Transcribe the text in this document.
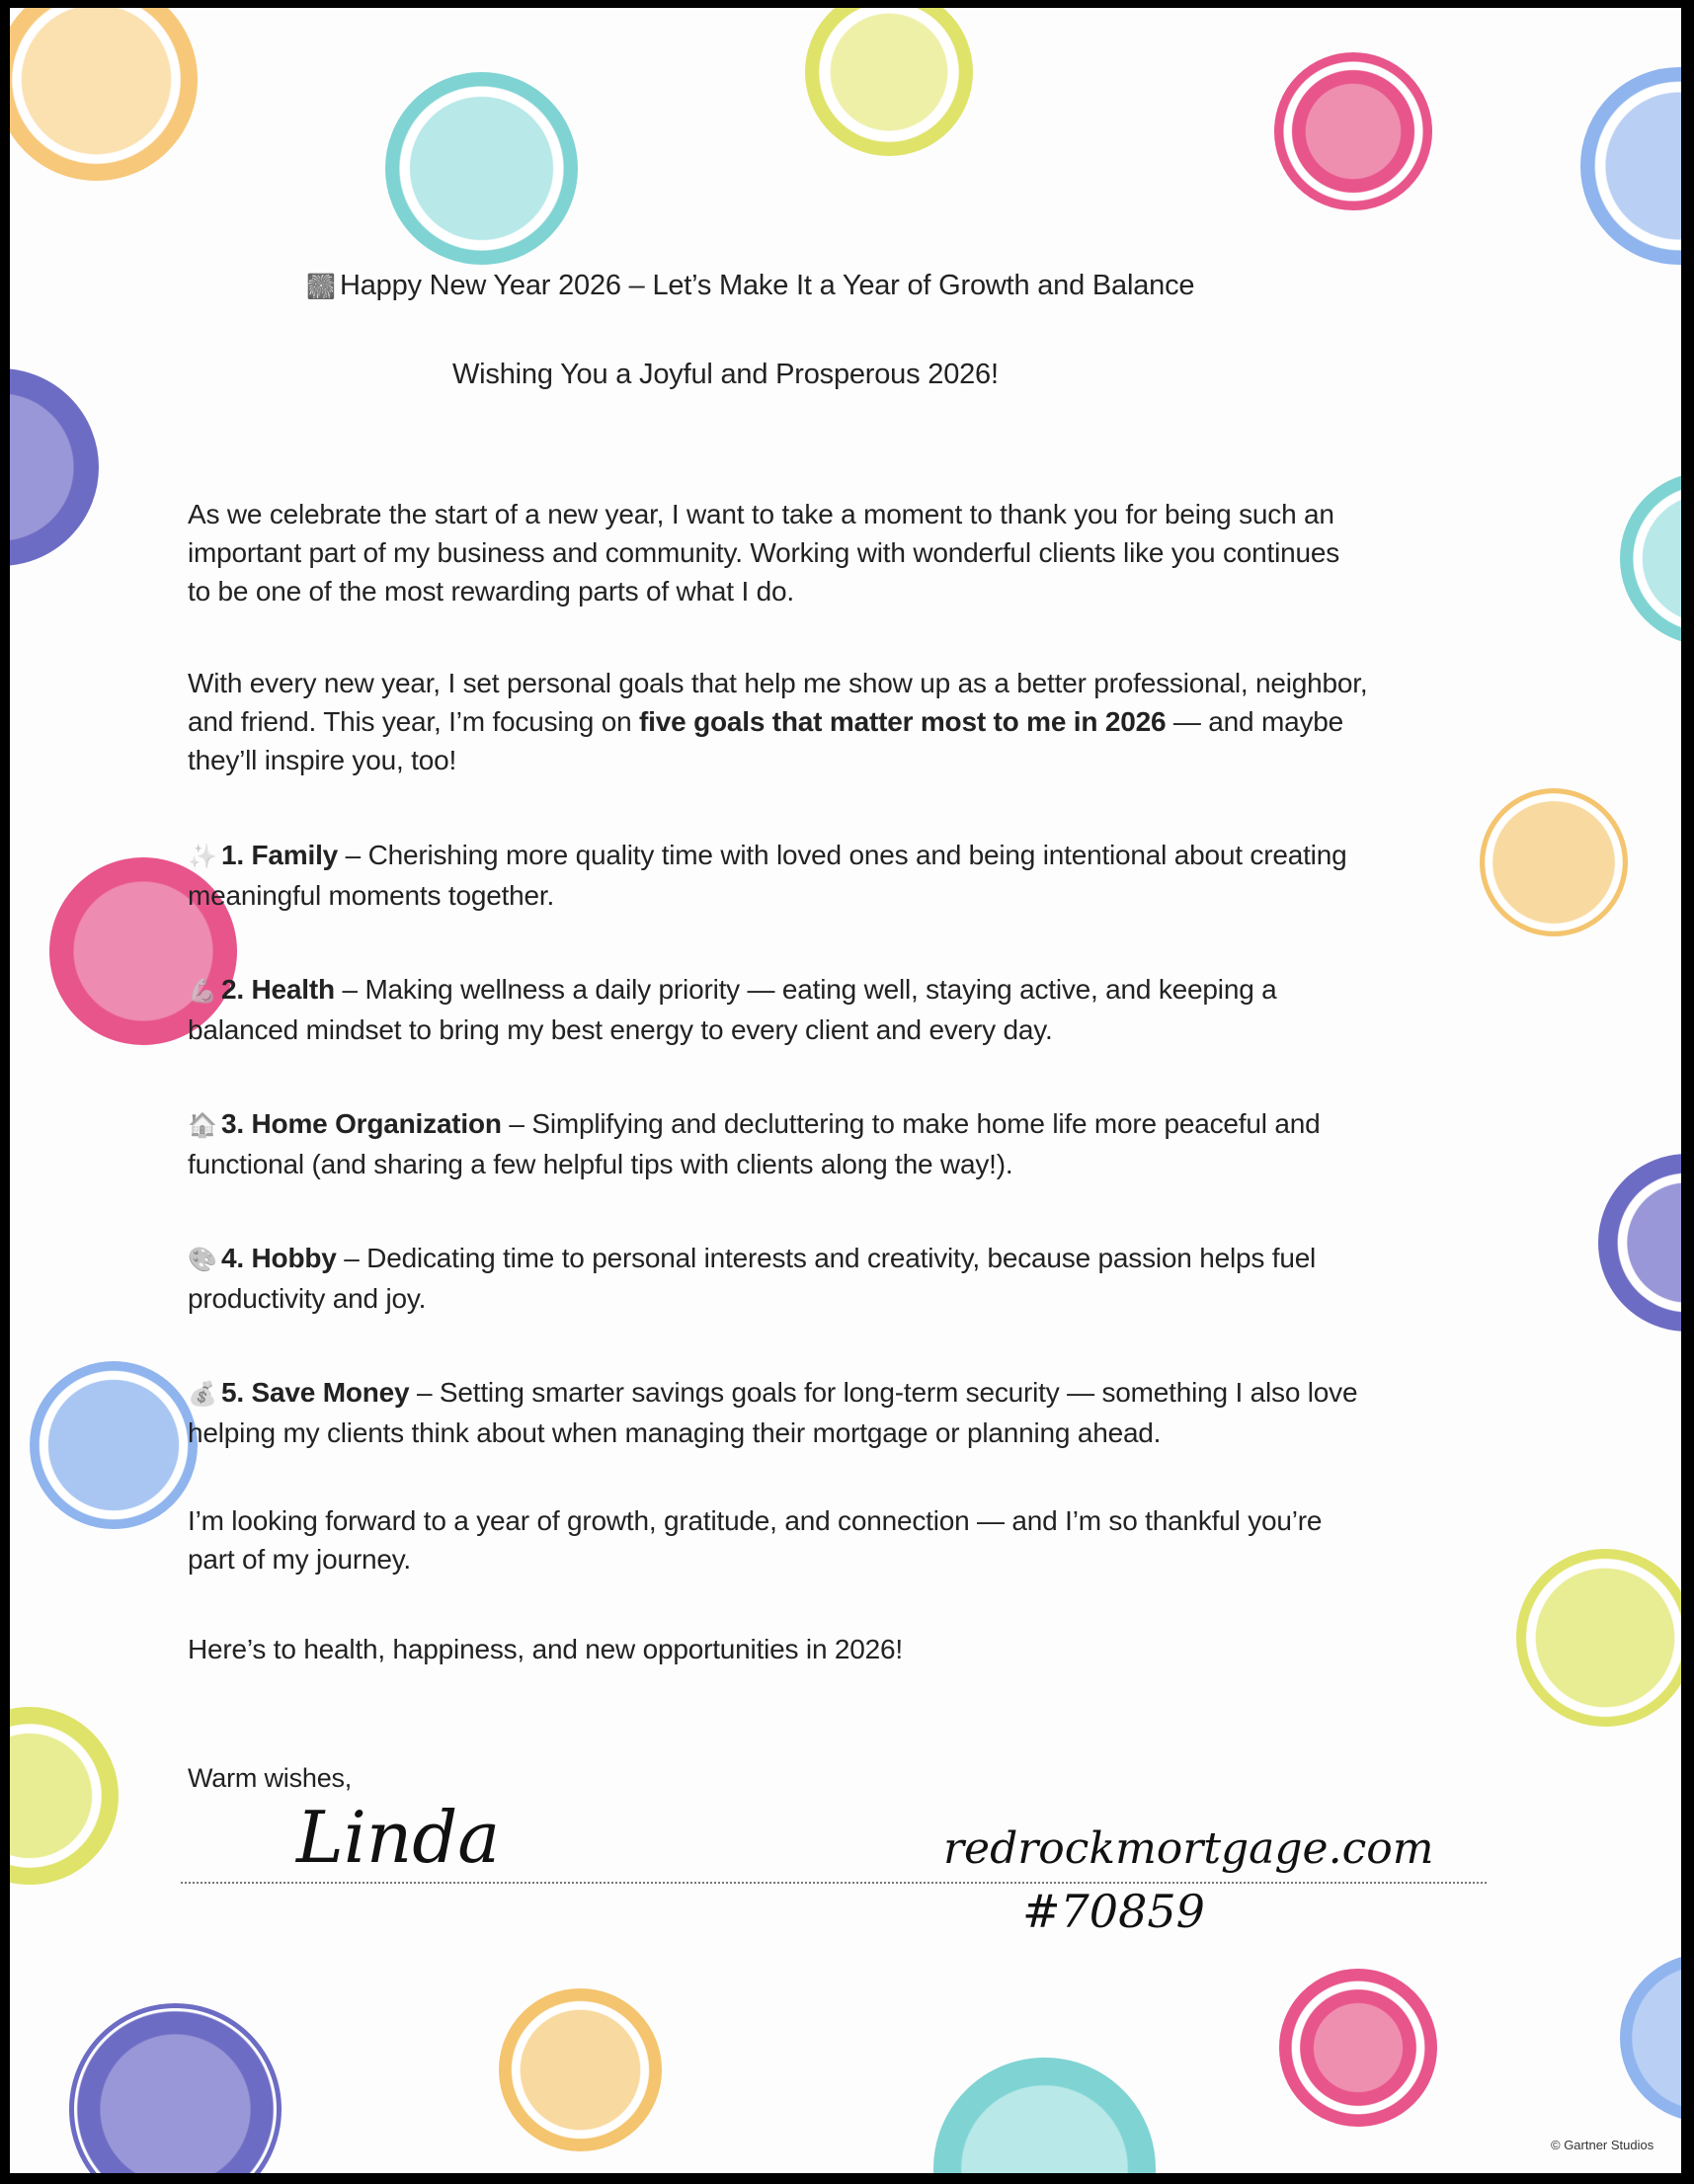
🎆 Happy New Year 2026 – Let’s Make It a Year of Growth and Balance
Wishing You a Joyful and Prosperous 2026!
As we celebrate the start of a new year, I want to take a moment to thank you for being such an
important part of my business and community. Working with wonderful clients like you continues
to be one of the most rewarding parts of what I do.
With every new year, I set personal goals that help me show up as a better professional, neighbor,
and friend. This year, I’m focusing on five goals that matter most to me in 2026 — and maybe
they’ll inspire you, too!
✨ 1. Family – Cherishing more quality time with loved ones and being intentional about creating
meaningful moments together.
💪 2. Health – Making wellness a daily priority — eating well, staying active, and keeping a
balanced mindset to bring my best energy to every client and every day.
🏠 3. Home Organization – Simplifying and decluttering to make home life more peaceful and
functional (and sharing a few helpful tips with clients along the way!).
🎨 4. Hobby – Dedicating time to personal interests and creativity, because passion helps fuel
productivity and joy.
💰 5. Save Money – Setting smarter savings goals for long-term security — something I also love
helping my clients think about when managing their mortgage or planning ahead.
I’m looking forward to a year of growth, gratitude, and connection — and I’m so thankful you’re
part of my journey.
Here’s to health, happiness, and new opportunities in 2026!
Warm wishes,
Linda	redrockmortgage.com
#70859
© Gartner Studios
